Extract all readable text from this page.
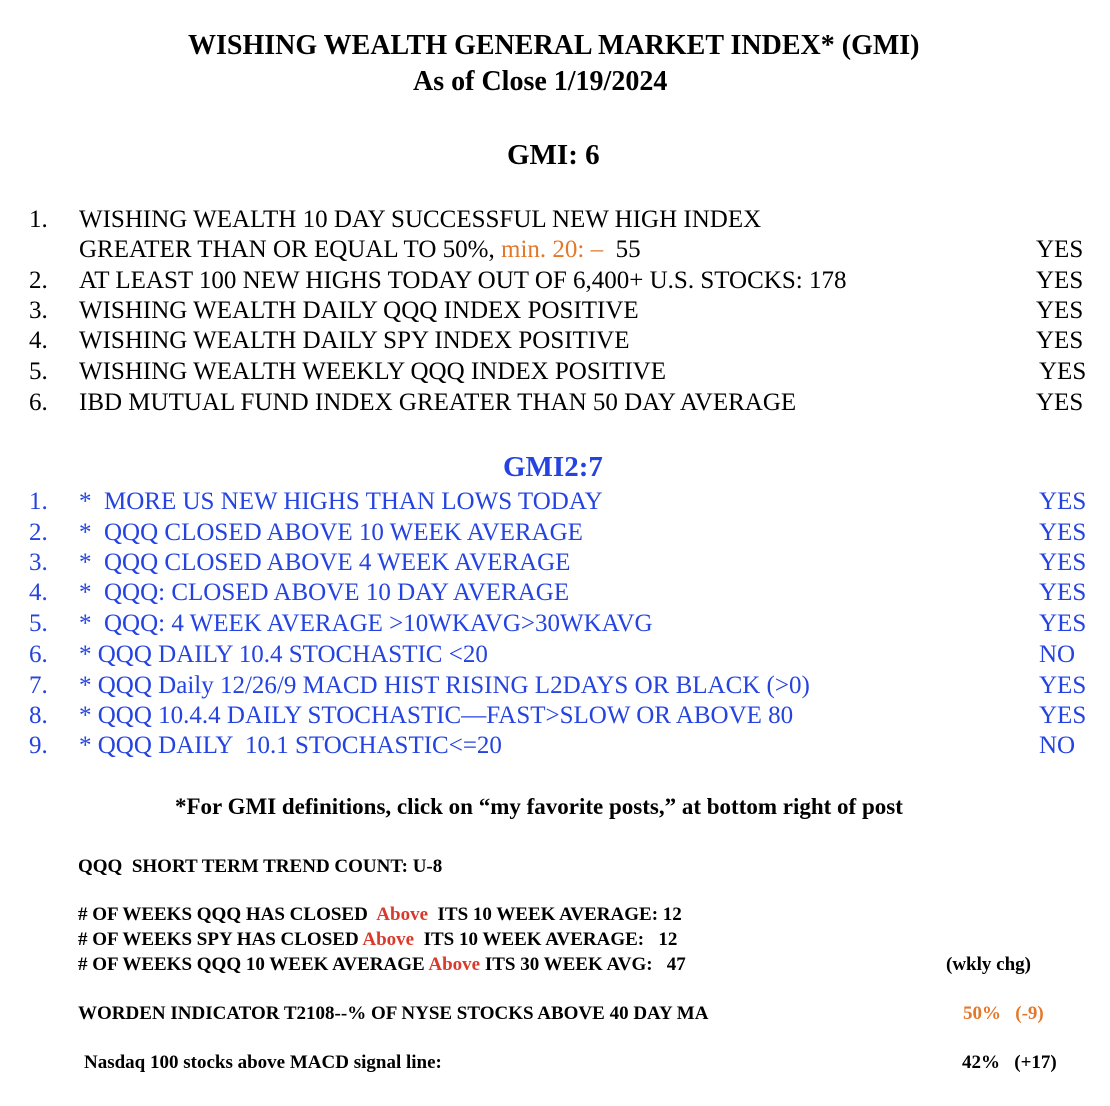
WISHING WEALTH GENERAL MARKET INDEX* (GMI)
As of Close 1/19/2024
GMI: 6
1. WISHING WEALTH 10 DAY SUCCESSFUL NEW HIGH INDEX
GREATER THAN OR EQUAL TO 50%, min. 20: –  55	YES
2. AT LEAST 100 NEW HIGHS TODAY OUT OF 6,400+ U.S. STOCKS: 178	YES
3. WISHING WEALTH DAILY QQQ INDEX POSITIVE	YES
4. WISHING WEALTH DAILY SPY INDEX POSITIVE	YES
5. WISHING WEALTH WEEKLY QQQ INDEX POSITIVE	YES
6. IBD MUTUAL FUND INDEX GREATER THAN 50 DAY AVERAGE	YES
GMI2:7
1. *  MORE US NEW HIGHS THAN LOWS TODAY	YES
2. *  QQQ CLOSED ABOVE 10 WEEK AVERAGE	YES
3. *  QQQ CLOSED ABOVE 4 WEEK AVERAGE	YES
4. *  QQQ: CLOSED ABOVE 10 DAY AVERAGE	YES
5. *  QQQ: 4 WEEK AVERAGE >10WKAVG>30WKAVG	YES
6. * QQQ DAILY 10.4 STOCHASTIC <20	NO
7. * QQQ Daily 12/26/9 MACD HIST RISING L2DAYS OR BLACK (>0)	YES
8. * QQQ 10.4.4 DAILY STOCHASTIC—FAST>SLOW OR ABOVE 80	YES
9. * QQQ DAILY  10.1 STOCHASTIC<=20	NO
*For GMI definitions, click on “my favorite posts,” at bottom right of post
QQQ  SHORT TERM TREND COUNT: U-8
# OF WEEKS QQQ HAS CLOSED  Above  ITS 10 WEEK AVERAGE: 12
# OF WEEKS SPY HAS CLOSED Above  ITS 10 WEEK AVERAGE:   12
# OF WEEKS QQQ 10 WEEK AVERAGE Above ITS 30 WEEK AVG:   47	(wkly chg)
WORDEN INDICATOR T2108--% OF NYSE STOCKS ABOVE 40 DAY MA	50%   (-9)
Nasdaq 100 stocks above MACD signal line:	42%   (+17)
